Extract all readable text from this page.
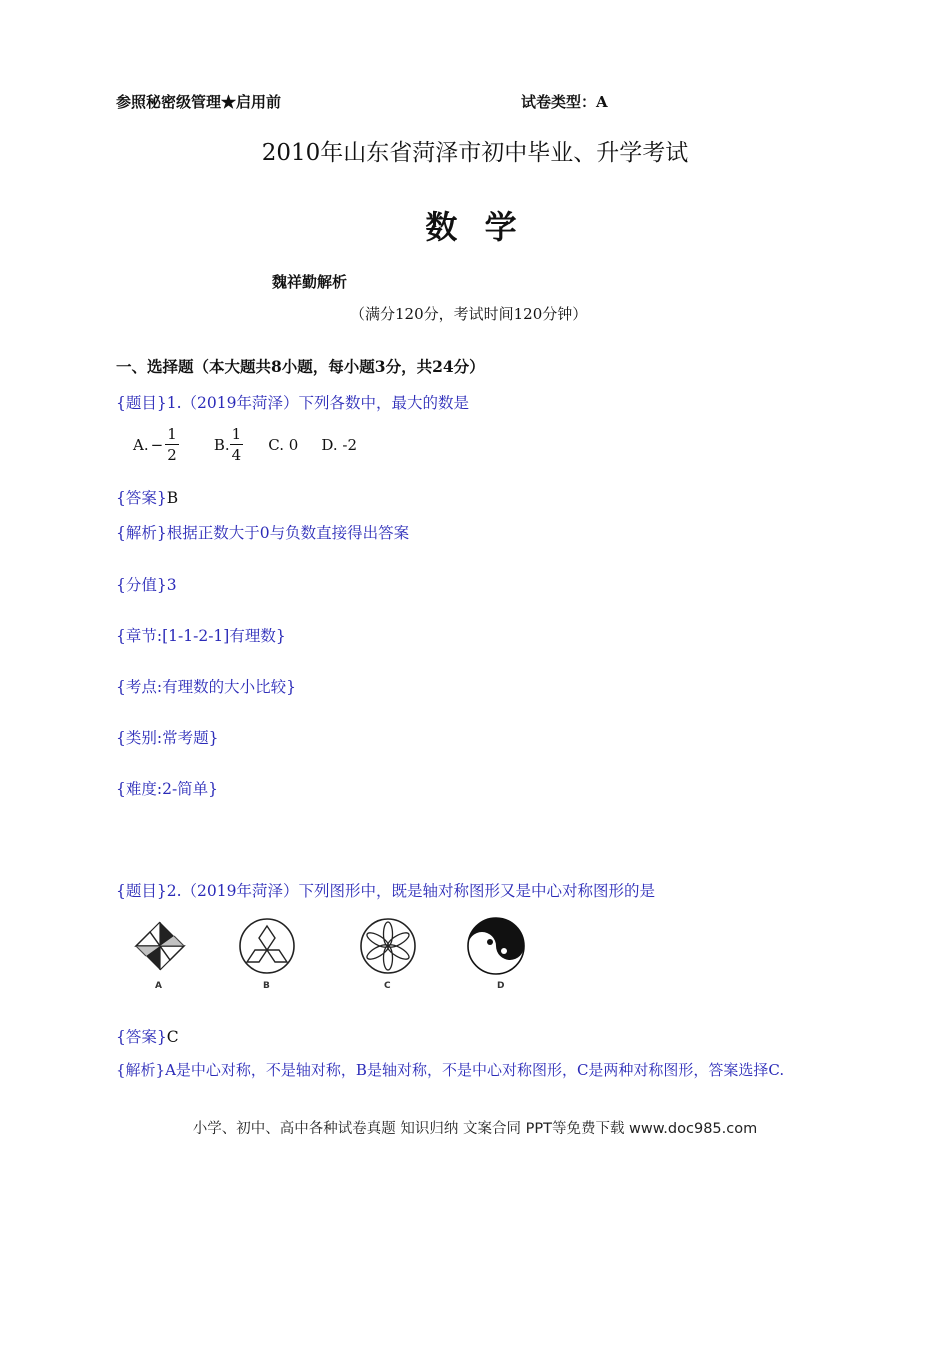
参照秘密级管理★启用前	试卷类型：A
2010年山东省菏泽市初中毕业、升学考试
数 学
魏祥勤解析
（满分120分，考试时间120分钟）
一、选择题（本大题共8小题，每小题3分，共24分）
{题目}1.（2019年菏泽）下列各数中，最大的数是
A. − $\frac{1}{2}$
B. $\frac{1}{4} C$. 0 D. -2
{答案}B
{解析}根据正数大于0与负数直接得出答案
{分值}3
{章节:[1-1-2-1]有理数}
{考点:有理数的大小比较}
{类别:常考题}
{难度:2-简单}
{题目}2.（2019年菏泽）下列图形中，既是轴对称图形又是中心对称图形的是
A	B	C	D
{答案}C
{解析}A是中心对称，不是轴对称，B是轴对称，不是中心对称图形，C是两种对称图形，答案选择C.
小学、初中、高中各种试卷真题 知识归纳 文案合同 PPT等免费下载 www.doc985.com
